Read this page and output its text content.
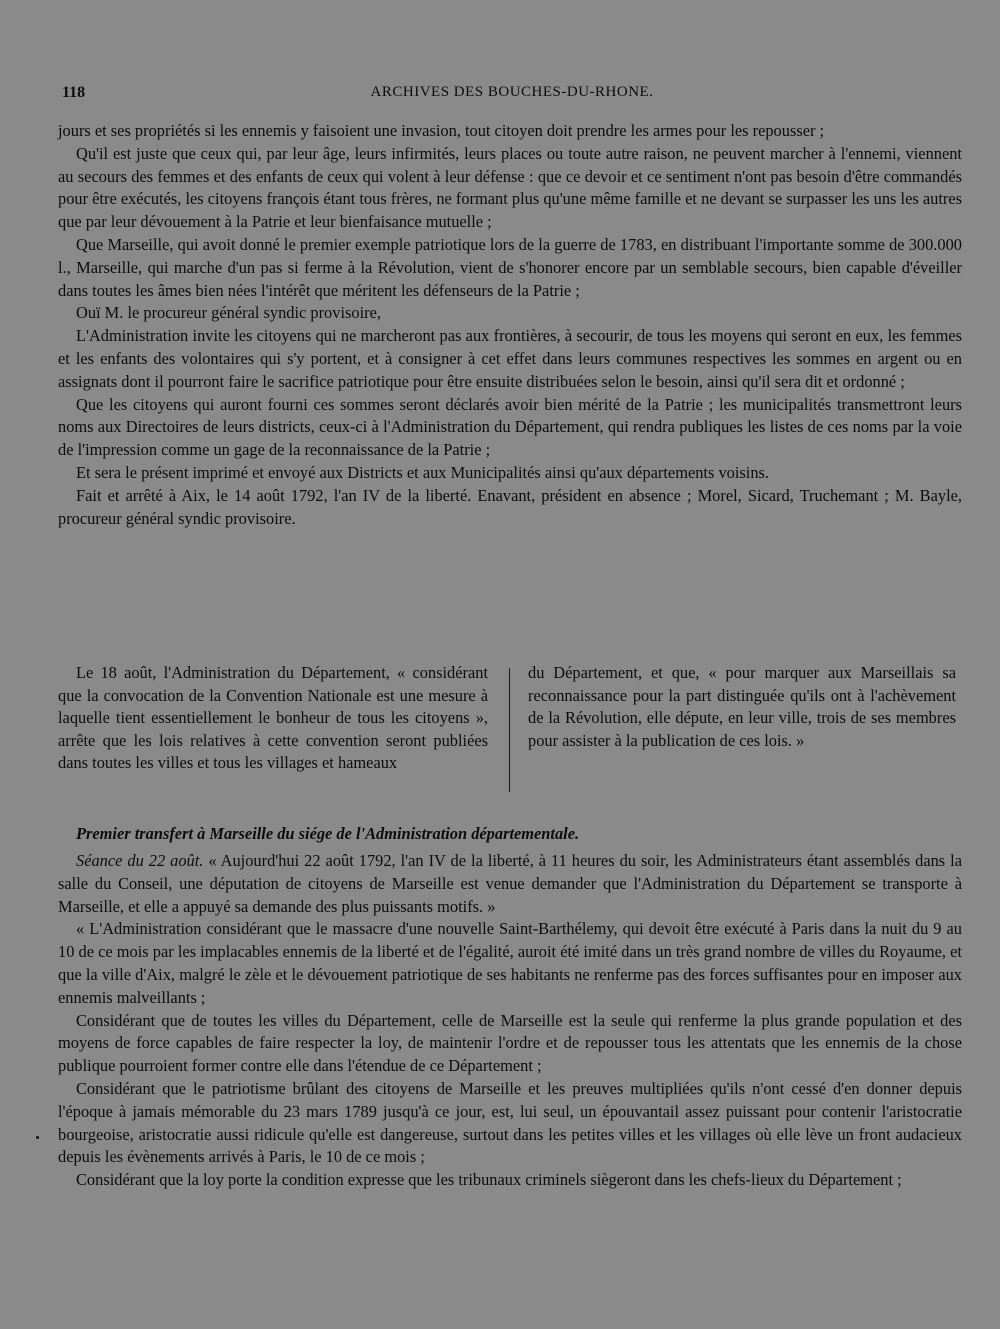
118	ARCHIVES DES BOUCHES-DU-RHONE.

jours et ses propriétés si les ennemis y faisoient une invasion, tout citoyen doit prendre les armes pour les repousser ;

Qu'il est juste que ceux qui, par leur âge, leurs infirmités, leurs places ou toute autre raison, ne peuvent marcher à l'ennemi, viennent au secours des femmes et des enfants de ceux qui volent à leur défense : que ce devoir et ce sentiment n'ont pas besoin d'être commandés pour être exécutés, les citoyens françois étant tous frères, ne formant plus qu'une même famille et ne devant se surpasser les uns les autres que par leur dévouement à la Patrie et leur bienfaisance mutuelle ;

Que Marseille, qui avoit donné le premier exemple patriotique lors de la guerre de 1783, en distribuant l'importante somme de 300.000 l., Marseille, qui marche d'un pas si ferme à la Révolution, vient de s'honorer encore par un semblable secours, bien capable d'éveiller dans toutes les âmes bien nées l'intérêt que méritent les défenseurs de la Patrie ;

Ouï M. le procureur général syndic provisoire,

L'Administration invite les citoyens qui ne marcheront pas aux frontières, à secourir, de tous les moyens qui seront en eux, les femmes et les enfants des volontaires qui s'y portent, et à consigner à cet effet dans leurs communes respectives les sommes en argent ou en assignats dont il pourront faire le sacrifice patriotique pour être ensuite distribuées selon le besoin, ainsi qu'il sera dit et ordonné ;

Que les citoyens qui auront fourni ces sommes seront déclarés avoir bien mérité de la Patrie ; les municipalités transmettront leurs noms aux Directoires de leurs districts, ceux-ci à l'Administration du Département, qui rendra publiques les listes de ces noms par la voie de l'impression comme un gage de la reconnaissance de la Patrie ;

Et sera le présent imprimé et envoyé aux Districts et aux Municipalités ainsi qu'aux départements voisins.

Fait et arrêté à Aix, le 14 août 1792, l'an IV de la liberté. Enavant, président en absence ; Morel, Sicard, Truchemant ; M. Bayle, procureur général syndic provisoire.

Le 18 août, l'Administration du Département, « considérant que la convocation de la Convention Nationale est une mesure à laquelle tient essentiellement le bonheur de tous les citoyens », arrête que les lois relatives à cette convention seront publiées dans toutes les villes et tous les villages et hameaux

du Département, et que, « pour marquer aux Marseillais sa reconnaissance pour la part distinguée qu'ils ont à l'achèvement de la Révolution, elle députe, en leur ville, trois de ses membres pour assister à la publication de ces lois. »

Premier transfert à Marseille du siége de l'Administration départementale.

Séance du 22 août. « Aujourd'hui 22 août 1792, l'an IV de la liberté, à 11 heures du soir, les Administrateurs étant assemblés dans la salle du Conseil, une députation de citoyens de Marseille est venue demander que l'Administration du Département se transporte à Marseille, et elle a appuyé sa demande des plus puissants motifs. »

« L'Administration considérant que le massacre d'une nouvelle Saint-Barthélemy, qui devoit être exécuté à Paris dans la nuit du 9 au 10 de ce mois par les implacables ennemis de la liberté et de l'égalité, auroit été imité dans un très grand nombre de villes du Royaume, et que la ville d'Aix, malgré le zèle et le dévouement patriotique de ses habitants ne renferme pas des forces suffisantes pour en imposer aux ennemis malveillants ;

Considérant que de toutes les villes du Département, celle de Marseille est la seule qui renferme la plus grande population et des moyens de force capables de faire respecter la loy, de maintenir l'ordre et de repousser tous les attentats que les ennemis de la chose publique pourroient former contre elle dans l'étendue de ce Département ;

Considérant que le patriotisme brûlant des citoyens de Marseille et les preuves multipliées qu'ils n'ont cessé d'en donner depuis l'époque à jamais mémorable du 23 mars 1789 jusqu'à ce jour, est, lui seul, un épouvantail assez puissant pour contenir l'aristocratie bourgeoise, aristocratie aussi ridicule qu'elle est dangereuse, surtout dans les petites villes et les villages où elle lève un front audacieux depuis les évènements arrivés à Paris, le 10 de ce mois ;

Considérant que la loy porte la condition expresse que les tribunaux criminels siègeront dans les chefs-lieux du Département ;
